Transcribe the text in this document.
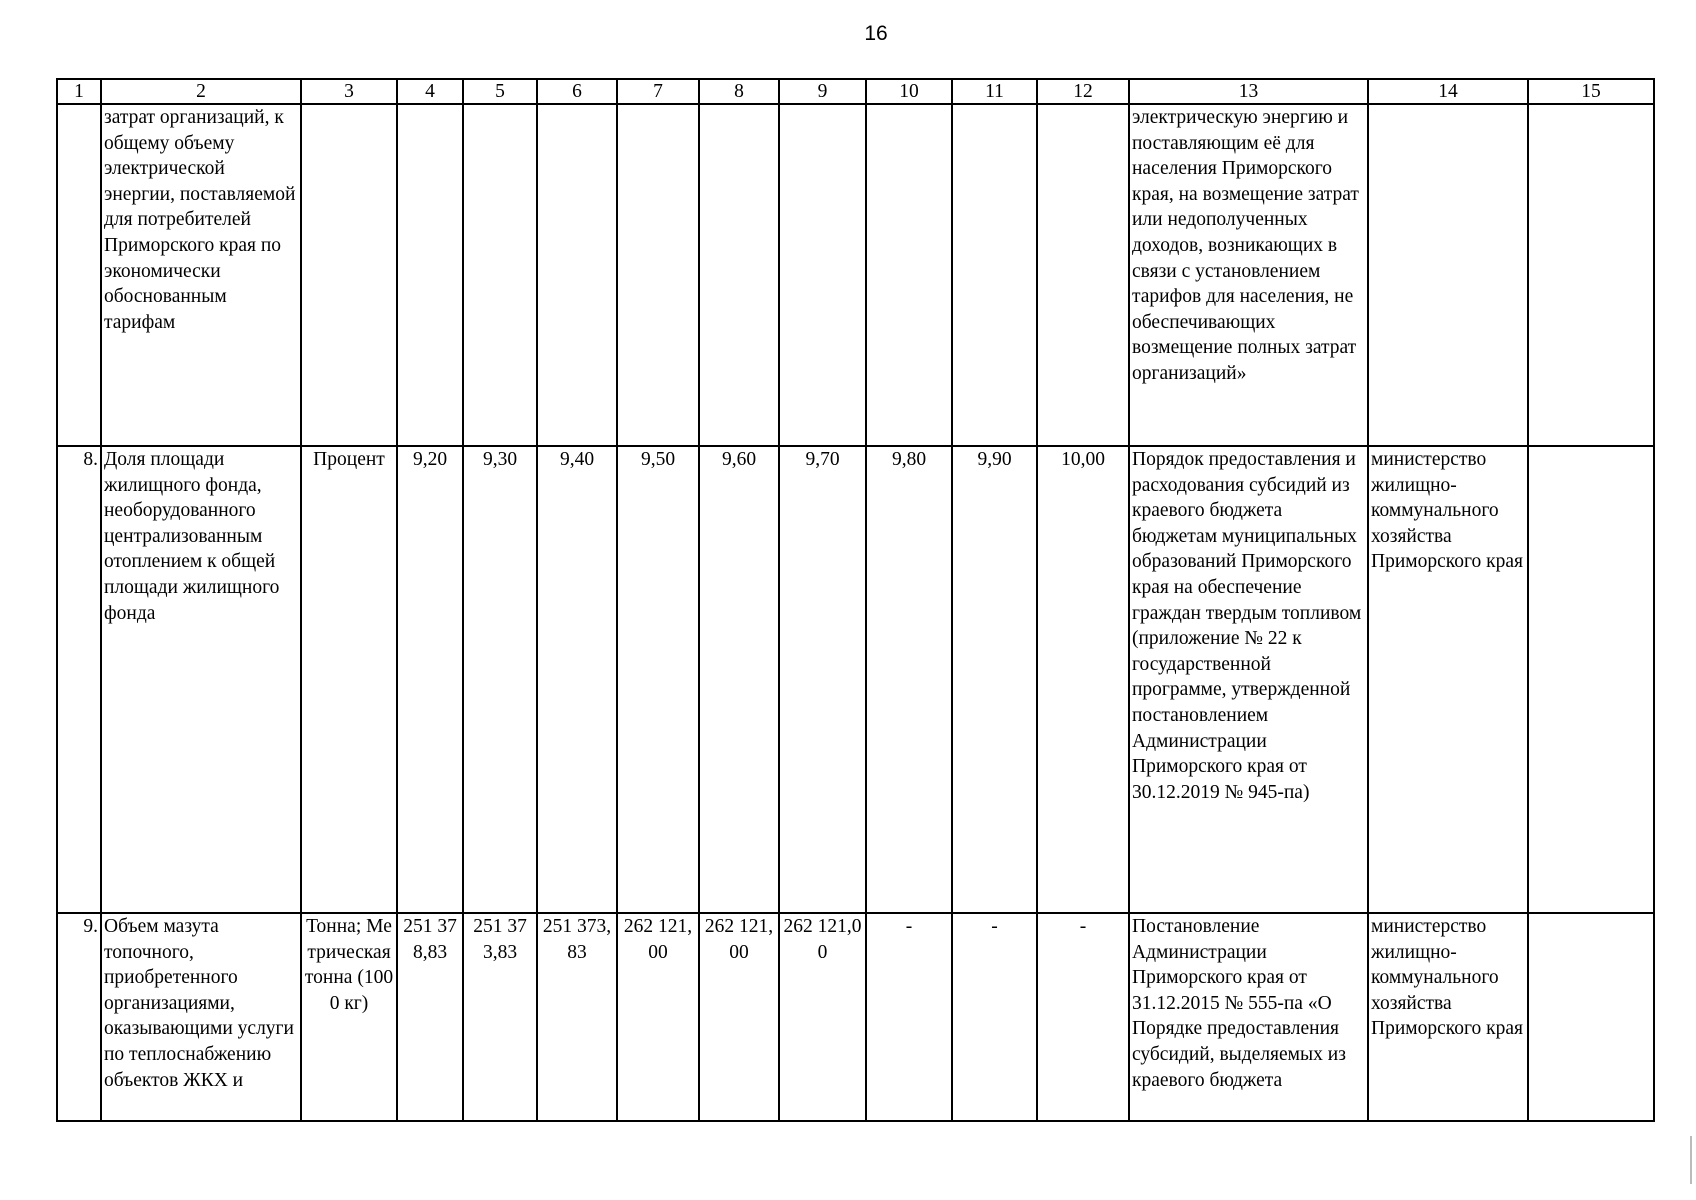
16
1	2	3	4	5	6	7	8	9	10	11	12	13	14	15
	затрат организаций, к общему объему электрической энергии, поставляемой для потребителей Приморского края по экономически обоснованным тарифам											электрическую энергию и поставляющим её для населения Приморского края, на возмещение затрат или недополученных доходов, возникающих в связи с установлением тарифов для населения, не обеспечивающих возмещение полных затрат организаций»		
8.	Доля площади жилищного фонда, необорудованного централизованным отоплением к общей площади жилищного фонда	Процент	9,20	9,30	9,40	9,50	9,60	9,70	9,80	9,90	10,00	Порядок предоставления и расходования субсидий из краевого бюджета бюджетам муниципальных образований Приморского края на обеспечение граждан твердым топливом (приложение № 22 к государственной программе, утвержденной постановлением Администрации Приморского края от 30.12.2019 № 945-па)	министерство жилищно-коммунального хозяйства Приморского края	
9.	Объем мазута топочного, приобретенного организациями, оказывающими услуги по теплоснабжению объектов ЖКХ и	Тонна; Метрическая тонна (1000 кг)	251 378,83	251 373,83	251 373,83	262 121,00	262 121,00	262 121,00	-	-	-	Постановление Администрации Приморского края от 31.12.2015 № 555-па «О Порядке предоставления субсидий, выделяемых из краевого бюджета	министерство жилищно-коммунального хозяйства Приморского края	
